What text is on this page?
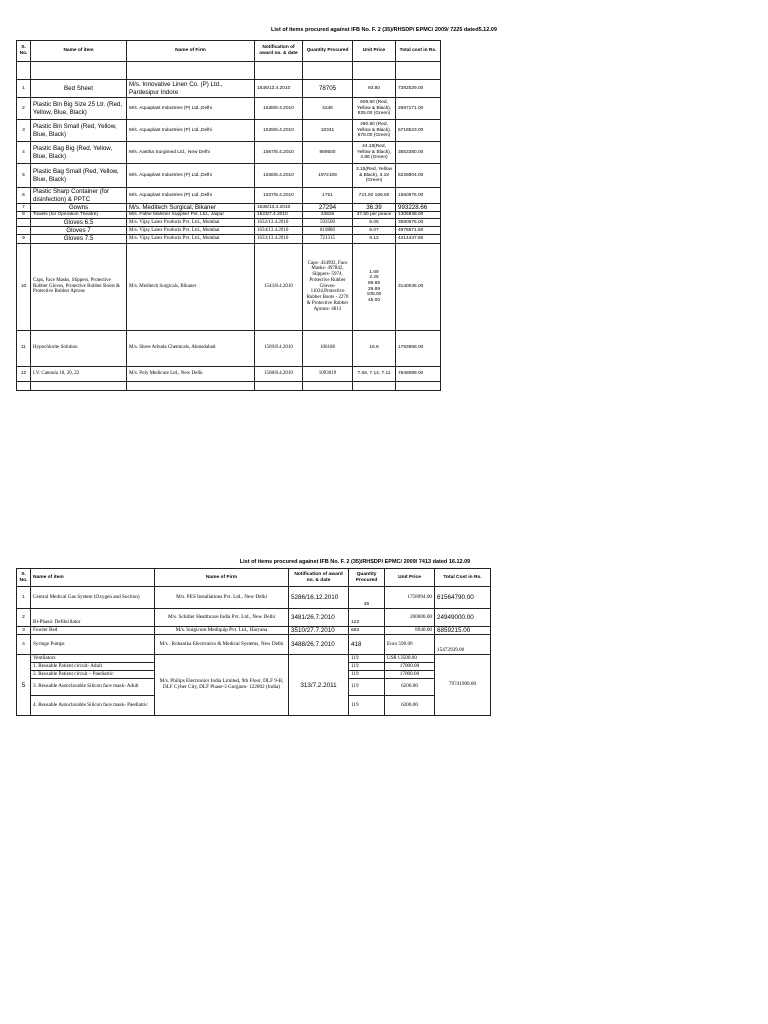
List of items procured against IFB No. F. 2 (35)/RHSDP/ EPMC/ 2009/ 7225 dated5.12.09
S. No.	Name of item	Name of Firm	Notification of award no. & date	Quantity Procured	Unit Price	Total cost in Rs.

1	Bed Sheet	M/s. Innovative Linen Co. (P) Ltd., Pardesipur Indore	1638/13.4.2010	78705	93.80	7382529.00
2	Plastic Bin Big Size 25 Ltr. (Red, Yellow, Blue, Black)	M/s. Aquaplast Industries (P) Ltd.,Delhi	1538/8.4.2010	4246	609.60 (Red, Yellow & Black), 835.00 (Green)	2687171.00
3	Plastic Bin Small (Red, Yellow, Blue, Black)	M/s. Aquaplast Industries (P) Ltd.,Delhi	1539/8.4.2010	10341	490.80 (Red, Yellow & Black), 678.00 (Green)	5718523.00
4	Plastic Bag Big (Red, Yellow, Blue, Black)	M/s. Aastha Surgimed Ltd., New Delhi	1567/8.4.2010	889500	44.18(Red, Yellow & Black), 4.88 (Green)	3853380.00
5	Plastic Bag Small (Red, Yellow, Blue, Black)	M/s. Aquaplast Industries (P) Ltd.,Delhi	1536/8.4.2010	1972109	3.15(Red, Yellow & Black), 3.18 (Green)	6228804.00
6	Plastic Sharp Container (for disinfection) & PPTC	M/s. Aquaplast Industries (P) Ltd.,Delhi	1537/8.4.2010	1751	721.92 169.50	1560876.00
7	Gowns	M/s. Meditech Surgical, Bikaner	1635/13.4.2010	27294	36.39	993228.66
8	Towels (for Operation Theatre)	M/s. Fathe Mahiner Supplier Pvt. Ltd., Jaipur	1523/7.4.2010	34825	37.50 per peace	1305938.00
	Gloves 6.5	M/s. Vijay Latex Products Pvt. Ltd., Mumbai	1632/13.4.2010	593500	6.05	3590675.00
	Gloves 7	M/s. Vijay Latex Products Pvt. Ltd., Mumbai	1634/13.4.2010	819880	6.07	4976671.60
9	Gloves 7.5	M/s. Vijay Latex Products Pvt. Ltd., Mumbai	1633/13.4.2010	721315	6.12	4414447.80
10	Caps, Face Masks, Slippers, Protective Rubber Gloves, Protective Rubber Boots & Protective Rubber Aprons	M/s. Meditech Surgicals, Bikaner	1543/8.4.2010	Caps- 434992, Face Masks- 497842, Slippers- 5974, Protective Rubber Gloves- 11034,Protective Rubber Boots - 2270 & Protective Rubber Aprons- 4813	1.69 2.25 89.89 29.89 108.00 45.00	3140036.00
11	Hypochlorite Solution	M/s. Shree Arbuda Chemicals, Ahmedabad	1569/8.4.2010	106188	16.8	1783958.00
12	I.V. Cannula 18, 20, 22	M/s. Poly Medicure Ltd., New Delhi	1568/8.4.2010	1093019	7.58, 7.14, 7.11	7848089.00

List of items procured against IFB No. F. 2 (35)/RHSDP/ EPMC/ 2009/ 7413 dated 16.12.09
S. No.	Name of item	Name of Firm	Notification of award no. & date	Quantity Procured	Unit Price	Total Cost in Rs.
1	Central Medical Gas System (Oxygen and Suction)	M/s. PES Installations Pvt. Ltd., New Delhi	5286/16.12.2010	35	1758994.00	61564790.00
2	Bi-Phasic Defibrillator	M/s. Schiller Healthcare India Pvt. Ltd., New Delhi	3481/26.7.2010	122	200000.00	24949000.00
3	Fowler Bed	M/s. Surgicom Mediquip Pvt. Ltd., Haryana	3510/27.7.2010	682	8940.00	6859215.00
4	Syringe Pumps	M/s . Rohanika Electronics & Medical Systems, New Delhi	3488/26.7.2010	418	Euro 590.00	15472939.00
5	Ventilators	M/s. Philips Electronics India Limited, 9th Floor, DLF 9-B, DLF Cyber City, DLF Phase-3 Gurgaon- 122002 (India)	313/7.2.2011	119	US$ 13500.00	79741900.00
	1. Reusable Patient circuit- Adult			119	17000.00	
	2. Reusable Patient circuit – Paediatric			119	17000.00	
	3. Reusable Autoclavable Silicon face mask- Adult			119	6200.00	
	4. Reusable Autoclavable Silicon face mask- Paediatric			119	6200.00	
